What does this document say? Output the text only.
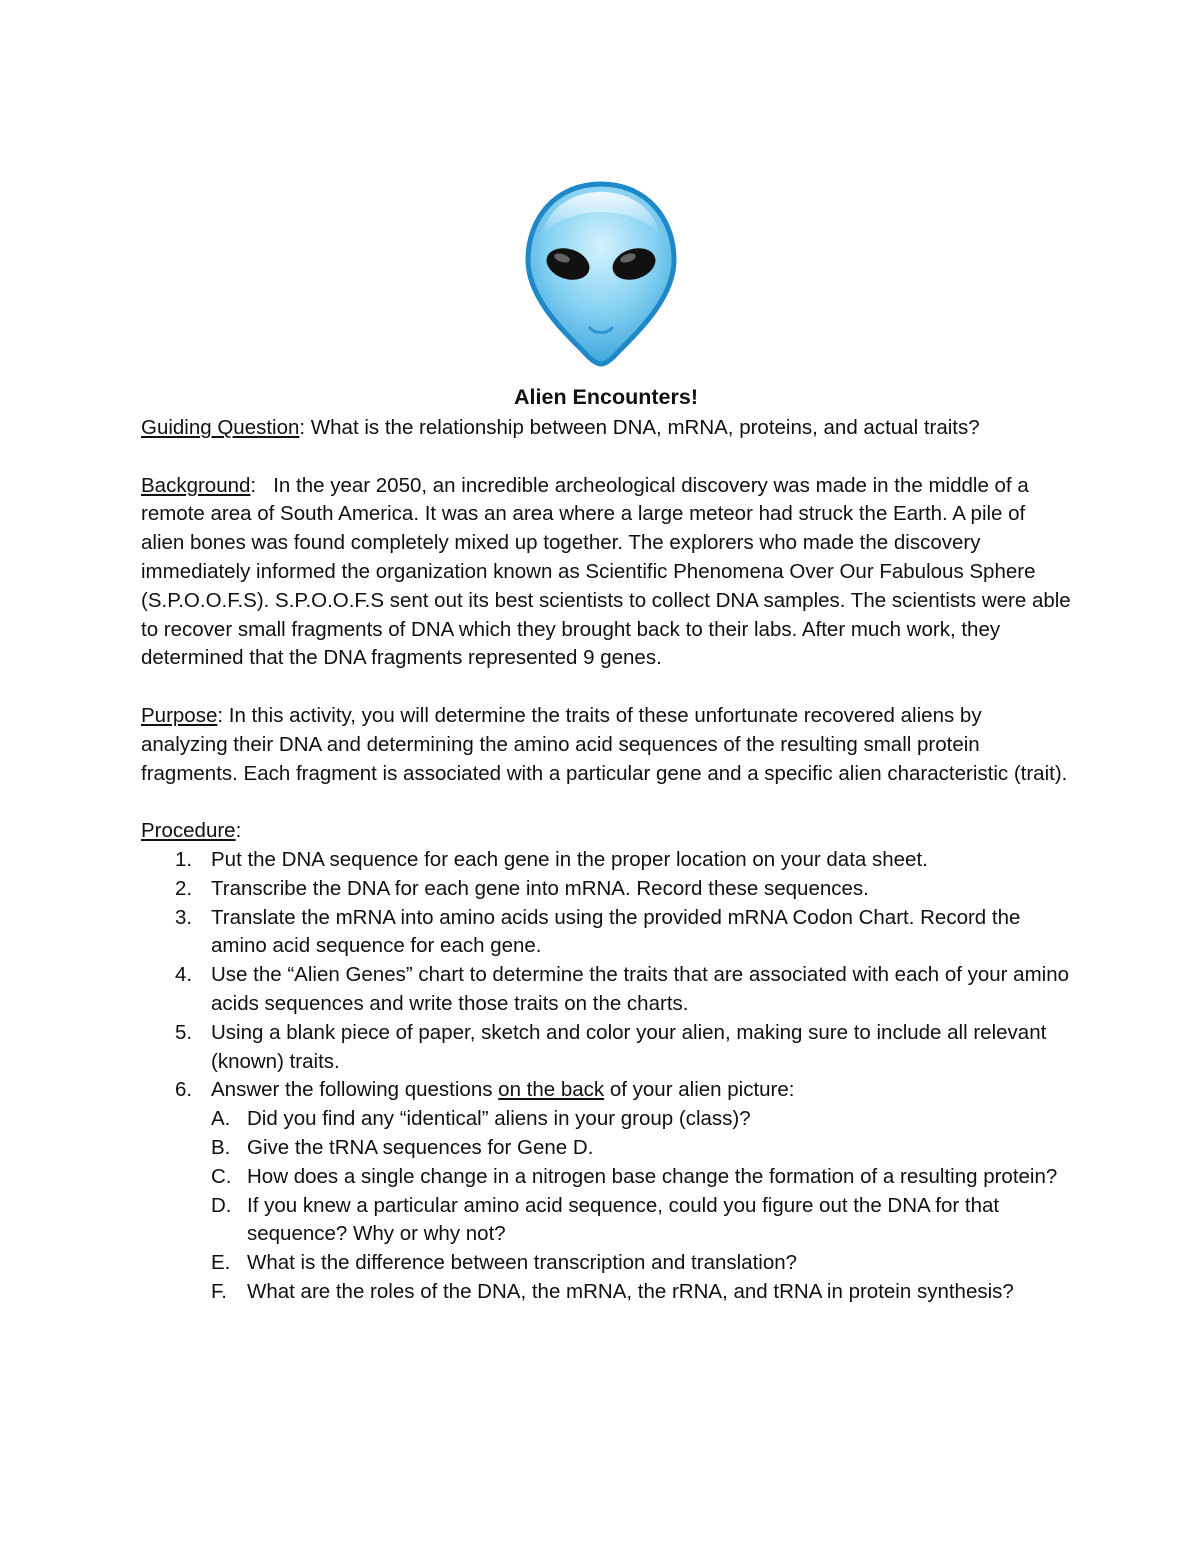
Alien Encounters!

Guiding Question: What is the relationship between DNA, mRNA, proteins, and actual traits?

Background:   In the year 2050, an incredible archeological discovery was made in the middle of a remote area of South America. It was an area where a large meteor had struck the Earth. A pile of alien bones was found completely mixed up together. The explorers who made the discovery immediately informed the organization known as Scientific Phenomena Over Our Fabulous Sphere (S.P.O.O.F.S). S.P.O.O.F.S sent out its best scientists to collect DNA samples. The scientists were able to recover small fragments of DNA which they brought back to their labs. After much work, they determined that the DNA fragments represented 9 genes.

Purpose: In this activity, you will determine the traits of these unfortunate recovered aliens by analyzing their DNA and determining the amino acid sequences of the resulting small protein fragments. Each fragment is associated with a particular gene and a specific alien characteristic (trait).

Procedure:

1. Put the DNA sequence for each gene in the proper location on your data sheet.
2. Transcribe the DNA for each gene into mRNA. Record these sequences.
3. Translate the mRNA into amino acids using the provided mRNA Codon Chart. Record the amino acid sequence for each gene.
4. Use the “Alien Genes” chart to determine the traits that are associated with each of your amino acids sequences and write those traits on the charts.
5. Using a blank piece of paper, sketch and color your alien, making sure to include all relevant (known) traits.
6. Answer the following questions on the back of your alien picture:
A. Did you find any “identical” aliens in your group (class)?
B. Give the tRNA sequences for Gene D.
C. How does a single change in a nitrogen base change the formation of a resulting protein?
D. If you knew a particular amino acid sequence, could you figure out the DNA for that sequence? Why or why not?
E. What is the difference between transcription and translation?
F. What are the roles of the DNA, the mRNA, the rRNA, and tRNA in protein synthesis?
